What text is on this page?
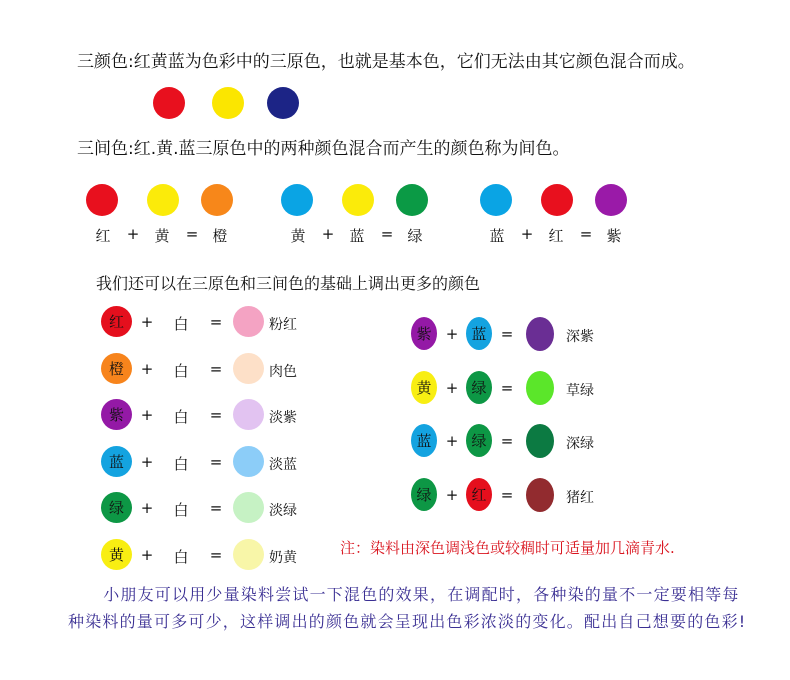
三颜色:红黄蓝为色彩中的三原色，也就是基本色，它们无法由其它颜色混合而成。
三间色:红.黄.蓝三原色中的两种颜色混合而产生的颜色称为间色。
我们还可以在三原色和三间色的基础上调出更多的颜色
注：染料由深色调浅色或较稠时可适量加几滴青水.
小朋友可以用少量染料尝试一下混色的效果，在调配时，各种染的量不一定要相等每种染料的量可多可少，这样调出的颜色就会呈现出色彩浓淡的变化。配出自己想要的色彩!
红	+	黄	= 橙	黄	+	蓝	= 绿	蓝	+	红	= 紫
红	+ 白	=	粉红
橙	+ 白	=	肉色
紫	+ 白	=	淡紫
蓝	+ 白	=	淡蓝
绿	+ 白	=	淡绿
黄	+ 白	=	奶黄
紫 + 蓝 =	深紫
黄 + 绿 =	草绿
蓝 + 绿 =	深绿
绿 + 红 =	猪红
